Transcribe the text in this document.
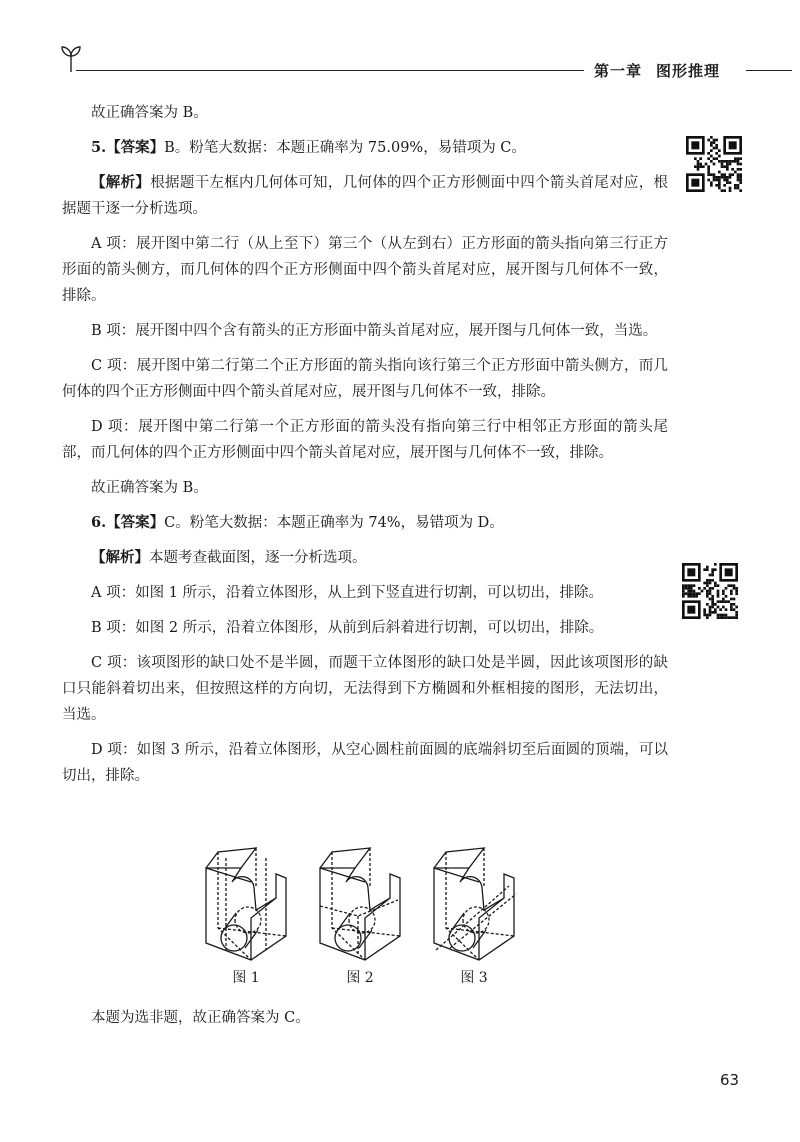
第一章 图形推理

故正确答案为 B。

5.【答案】B。粉笔大数据：本题正确率为 75.09%，易错项为 C。

【解析】根据题干左框内几何体可知，几何体的四个正方形侧面中四个箭头首尾对应，根据题干逐一分析选项。

A 项：展开图中第二行（从上至下）第三个（从左到右）正方形面的箭头指向第三行正方形面的箭头侧方，而几何体的四个正方形侧面中四个箭头首尾对应，展开图与几何体不一致，排除。

B 项：展开图中四个含有箭头的正方形面中箭头首尾对应，展开图与几何体一致，当选。

C 项：展开图中第二行第二个正方形面的箭头指向该行第三个正方形面中箭头侧方，而几何体的四个正方形侧面中四个箭头首尾对应，展开图与几何体不一致，排除。

D 项：展开图中第二行第一个正方形面的箭头没有指向第三行中相邻正方形面的箭头尾部，而几何体的四个正方形侧面中四个箭头首尾对应，展开图与几何体不一致，排除。

故正确答案为 B。

6.【答案】C。粉笔大数据：本题正确率为 74%，易错项为 D。

【解析】本题考查截面图，逐一分析选项。

A 项：如图 1 所示，沿着立体图形，从上到下竖直进行切割，可以切出，排除。

B 项：如图 2 所示，沿着立体图形，从前到后斜着进行切割，可以切出，排除。

C 项：该项图形的缺口处不是半圆，而题干立体图形的缺口处是半圆，因此该项图形的缺口只能斜着切出来，但按照这样的方向切，无法得到下方椭圆和外框相接的图形，无法切出，当选。

D 项：如图 3 所示，沿着立体图形，从空心圆柱前面圆的底端斜切至后面圆的顶端，可以切出，排除。

图 1	图 2	图 3

本题为选非题，故正确答案为 C。

63
